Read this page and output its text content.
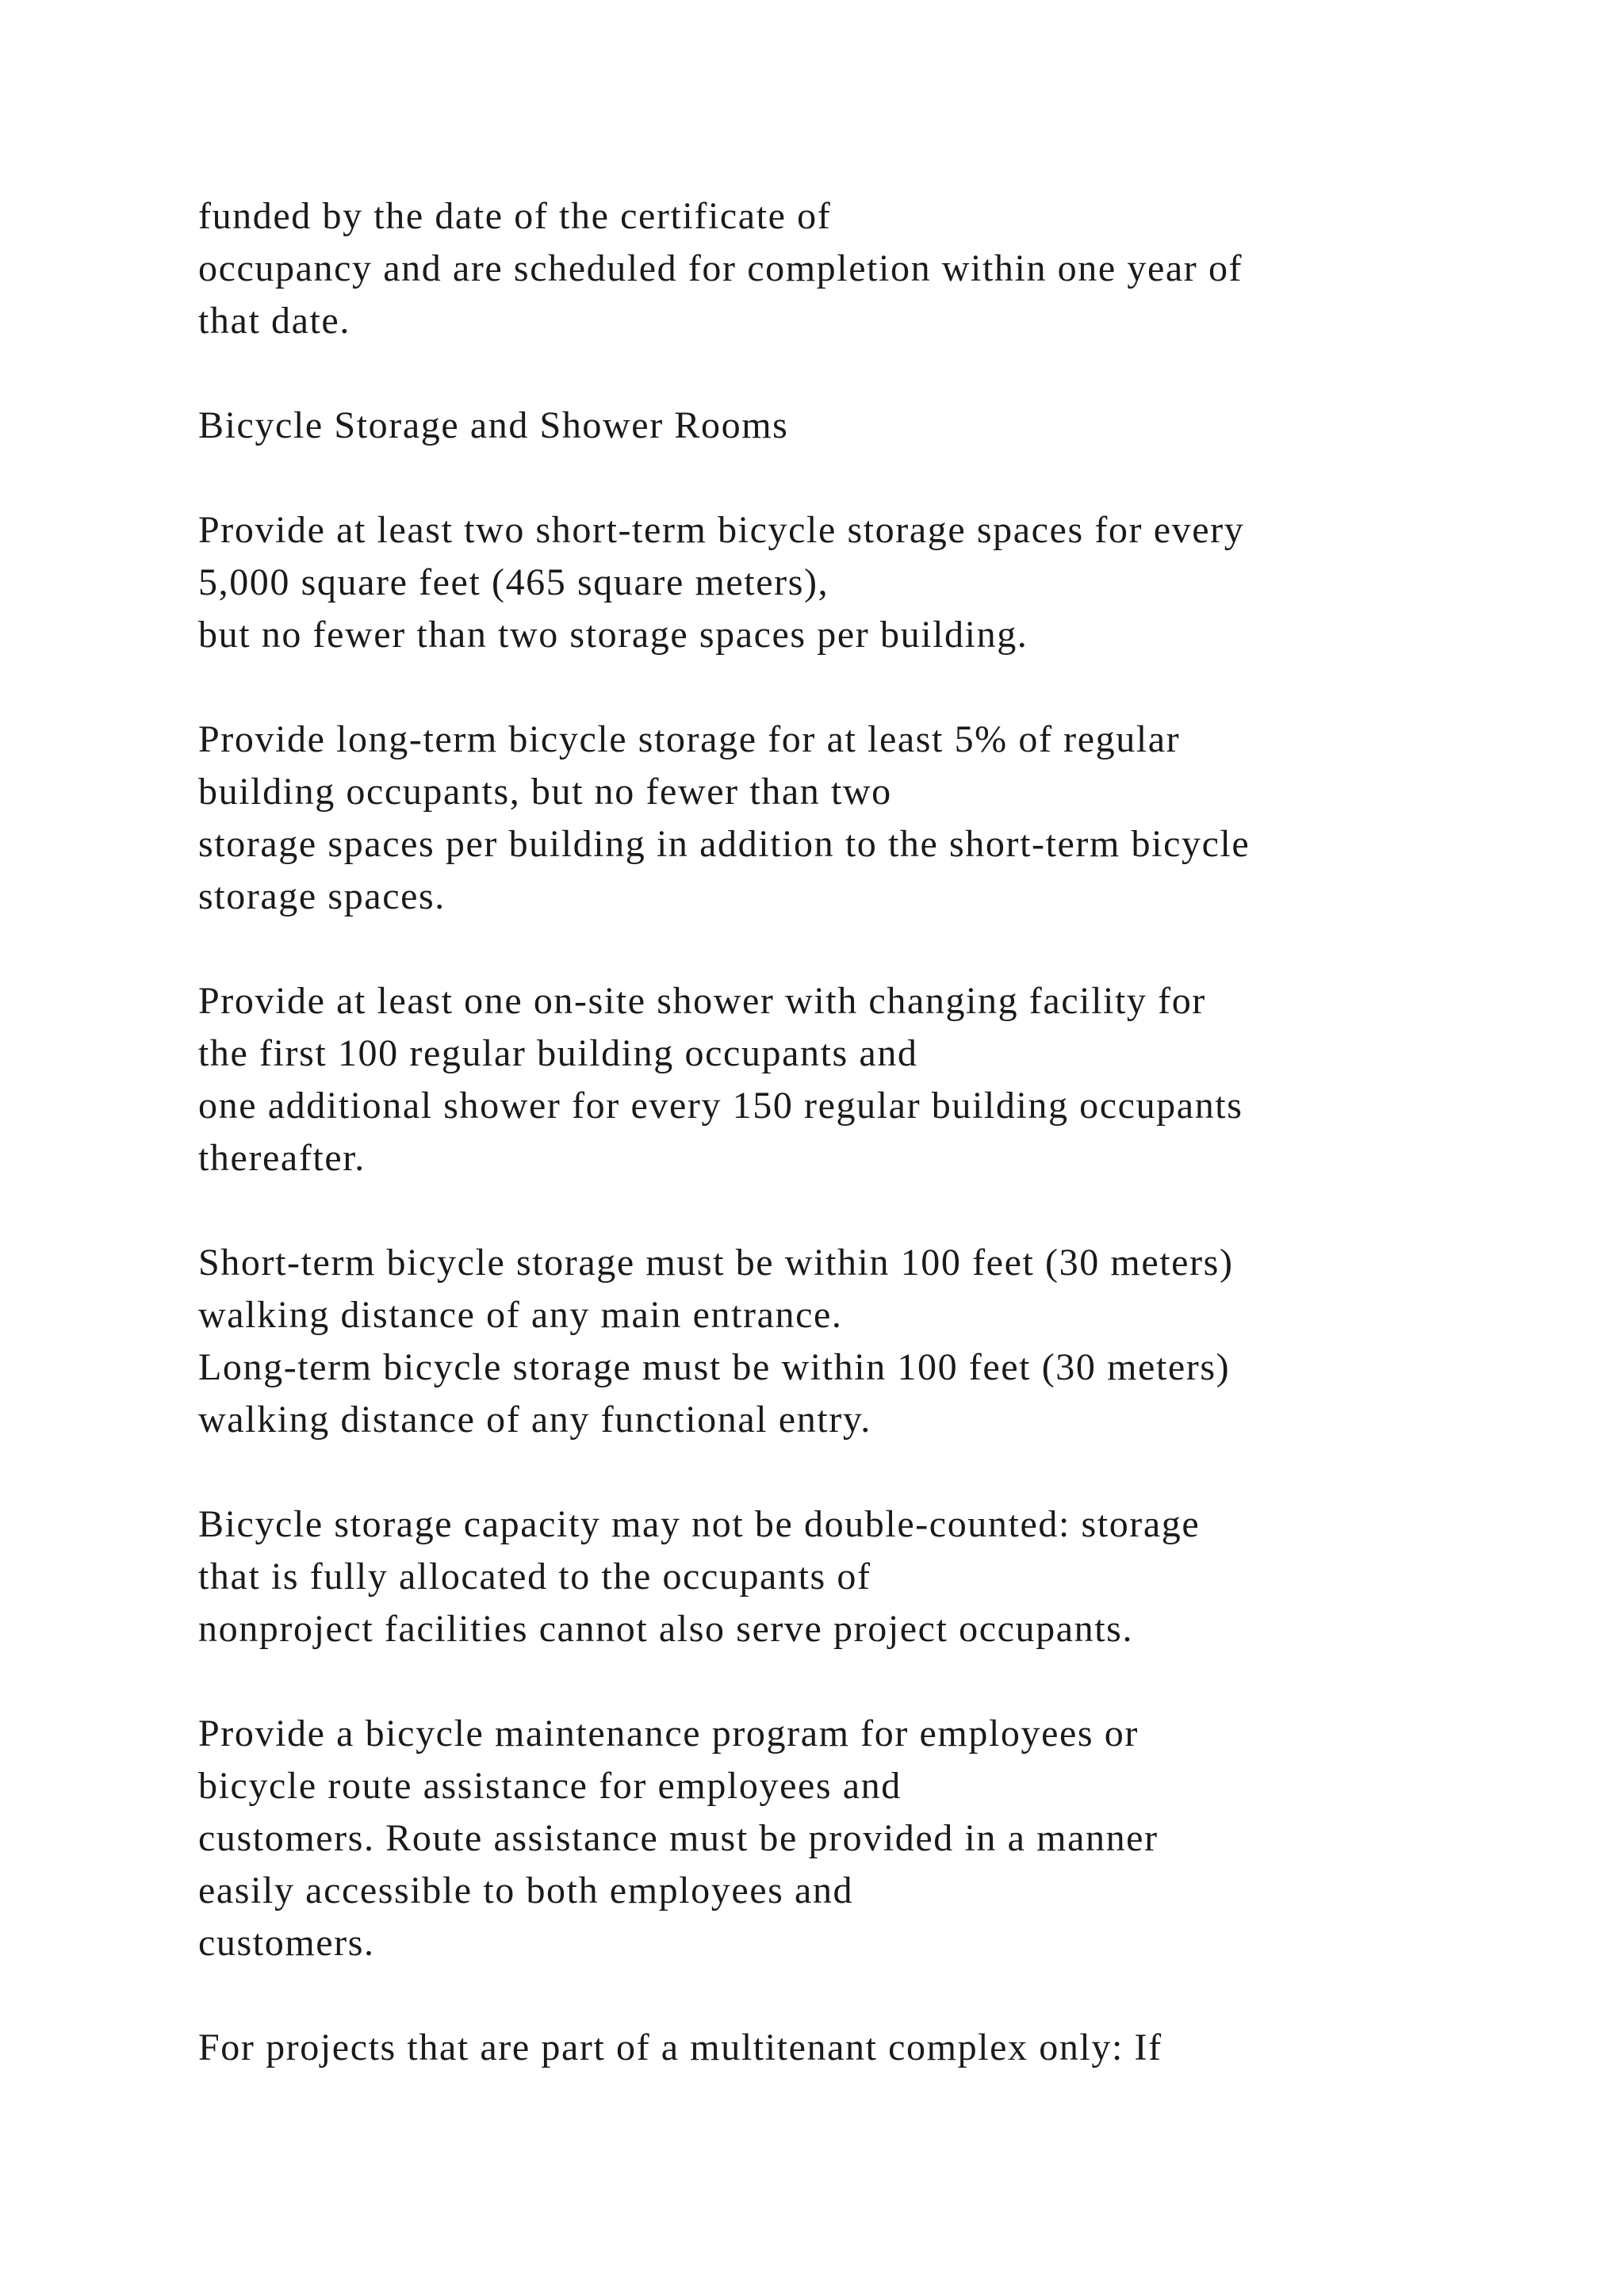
funded by the date of the certificate of
occupancy and are scheduled for completion within one year of
that date.

Bicycle Storage and Shower Rooms

Provide at least two short-term bicycle storage spaces for every
5,000 square feet (465 square meters),
but no fewer than two storage spaces per building.

Provide long-term bicycle storage for at least 5% of regular
building occupants, but no fewer than two
storage spaces per building in addition to the short-term bicycle
storage spaces.

Provide at least one on-site shower with changing facility for
the first 100 regular building occupants and
one additional shower for every 150 regular building occupants
thereafter.

Short-term bicycle storage must be within 100 feet (30 meters)
walking distance of any main entrance.
Long-term bicycle storage must be within 100 feet (30 meters)
walking distance of any functional entry.

Bicycle storage capacity may not be double-counted: storage
that is fully allocated to the occupants of
nonproject facilities cannot also serve project occupants.

Provide a bicycle maintenance program for employees or
bicycle route assistance for employees and
customers. Route assistance must be provided in a manner
easily accessible to both employees and
customers.

For projects that are part of a multitenant complex only: If
